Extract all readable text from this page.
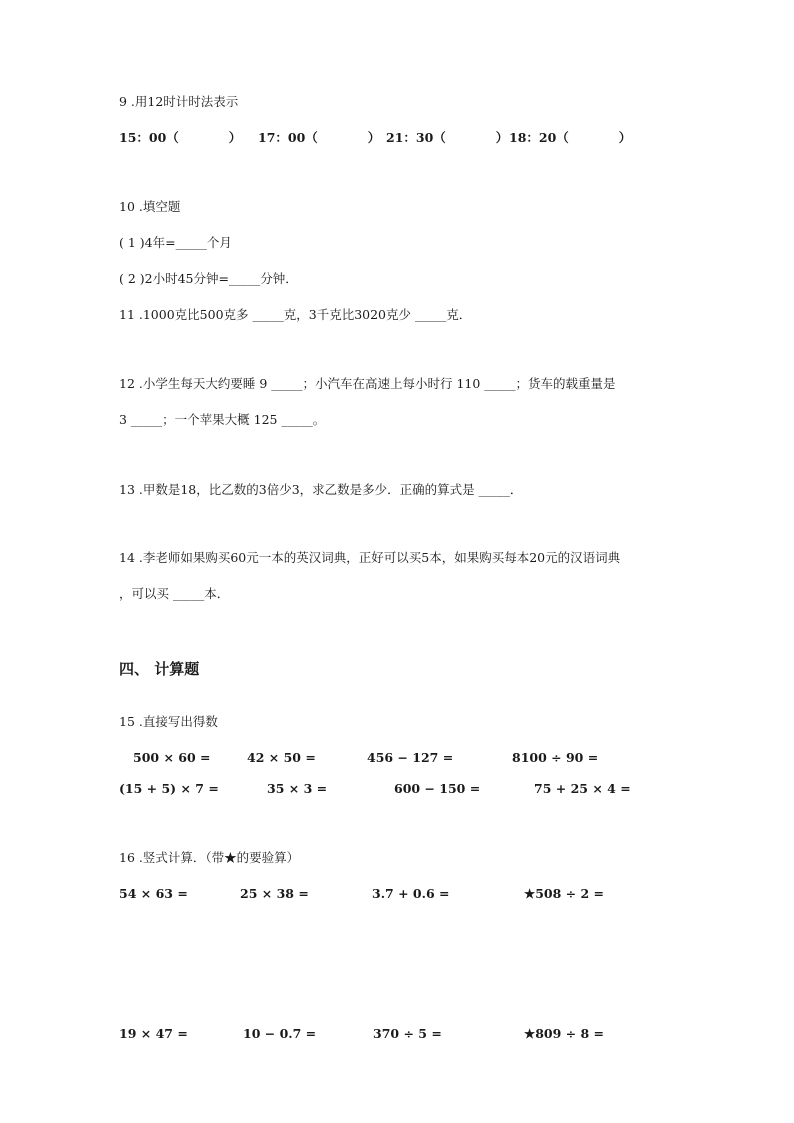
9 .用12时计时法表示
15：00（　　　　） 17：00（　　　　） 21：30（　　　　） 18：20（　　　　）
10 .填空题
( 1 )4年=_____个月
( 2 )2小时45分钟=_____分钟．
11 .1000克比500克多 _____克，3千克比3020克少 _____克．
12 .小学生每天大约要睡 9 _____；小汽车在高速上每小时行 110 _____；货车的载重量是
3 _____；一个苹果大概 125 _____。
13 .甲数是18，比乙数的3倍少3，求乙数是多少．正确的算式是 _____．
14 .李老师如果购买60元一本的英汉词典，正好可以买5本，如果购买每本20元的汉语词典
，可以买 _____本．
四、 计算题
15 .直接写出得数
500 × 60 =	42 × 50 =	456 − 127 =	8100 ÷ 90 =
(15 + 5) × 7 =	35 × 3 =	600 − 150 =	75 + 25 × 4 =
16 .竖式计算．（带★的要验算）
54 × 63 =	25 × 38 =	3.7 + 0.6 =	★508 ÷ 2 =
19 × 47 =	10 − 0.7 =	370 ÷ 5 =	★809 ÷ 8 =
